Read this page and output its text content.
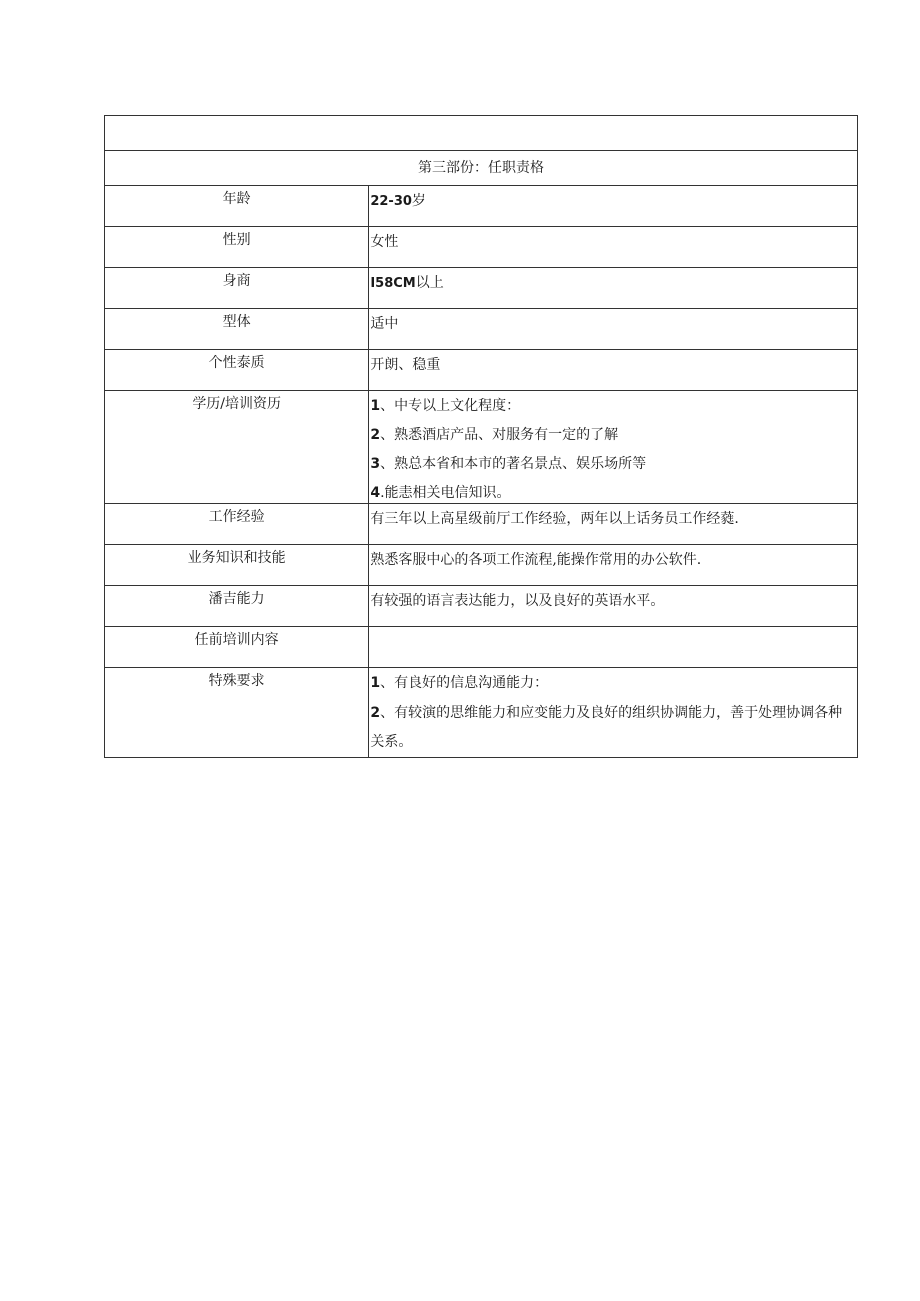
第三部份：任职责格	
年龄	22-30岁
性别	女性
身商	I58CM以上
型体	适中
个性泰质	开朗、稳重
学历/培训资历	1、中专以上文化程度：
2、熟悉酒店产品、对服务有一定的了解
3、熟总本省和本市的著名景点、娱乐场所等
4.能恚相关电信知识。

工作经验	有三年以上高星级前厅工作经验，两年以上话务员工作经蕤.
业务知识和技能	熟悉客服中心的各项工作流程,能操作常用的办公软件.
潘吉能力	有较强的语言表达能力，以及良好的英语水平。
任前培训内容	
特殊要求	1、有良好的信息沟通能力：
2、有较演的思维能力和应变能力及良好的组织协调能力，善于处理协调各种关系。
